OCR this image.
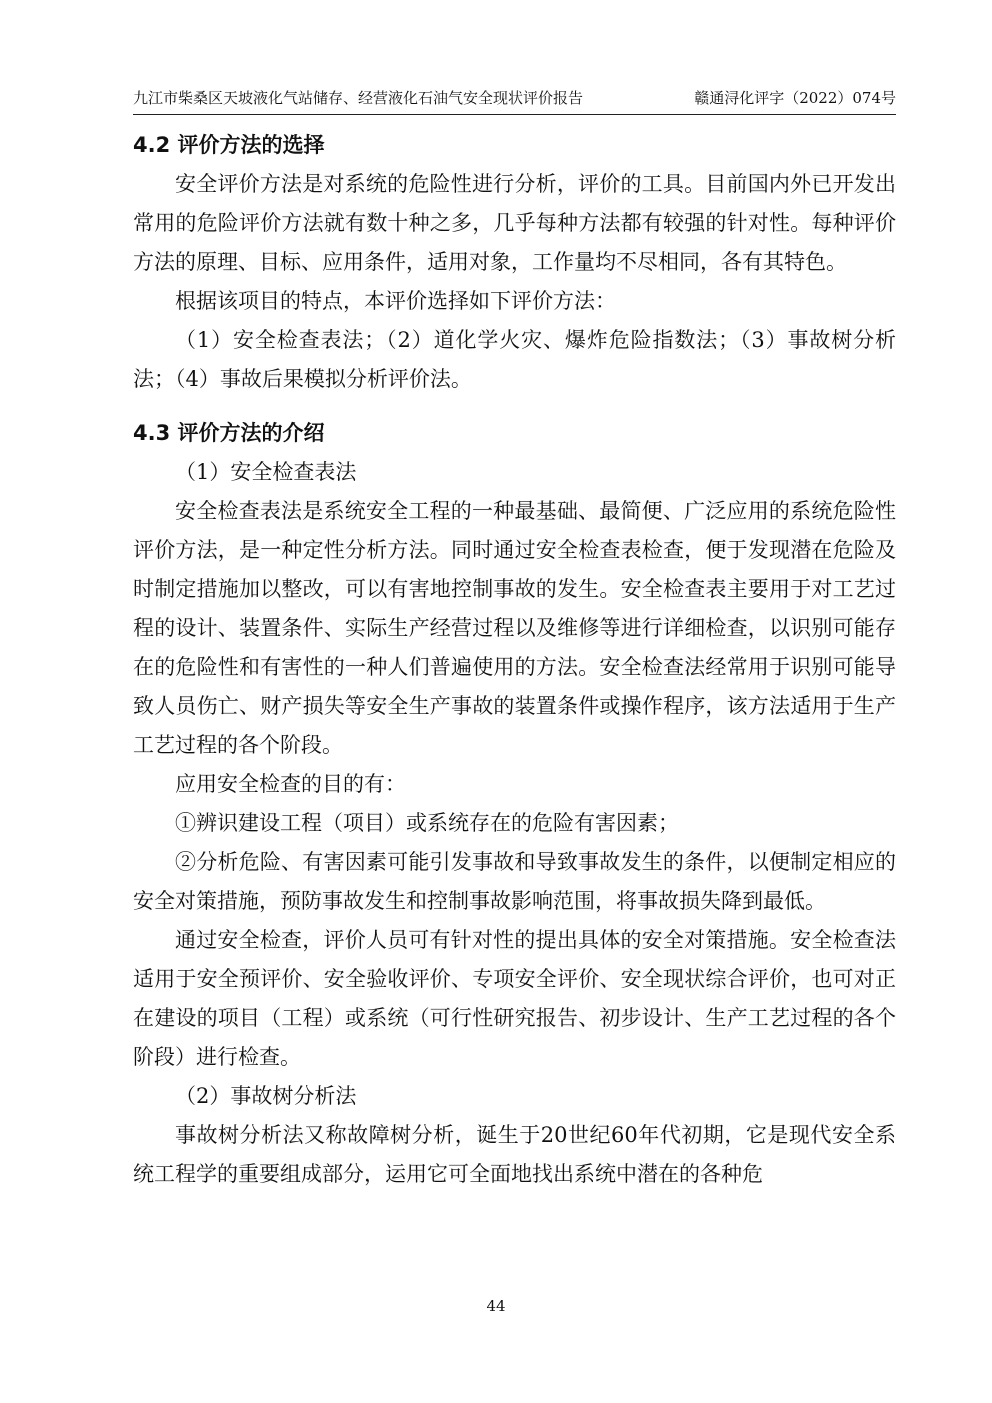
九江市柴桑区天坡液化气站储存、经营液化石油气安全现状评价报告	赣通浔化评字（2022）074号
4.2 评价方法的选择

安全评价方法是对系统的危险性进行分析，评价的工具。目前国内外已开发出常用的危险评价方法就有数十种之多，几乎每种方法都有较强的针对性。每种评价方法的原理、目标、应用条件，适用对象，工作量均不尽相同，各有其特色。

根据该项目的特点，本评价选择如下评价方法：

（1）安全检查表法；（2）道化学火灾、爆炸危险指数法；（3）事故树分析法；（4）事故后果模拟分析评价法。

4.3 评价方法的介绍

（1）安全检查表法

安全检查表法是系统安全工程的一种最基础、最简便、广泛应用的系统危险性评价方法，是一种定性分析方法。同时通过安全检查表检查，便于发现潜在危险及时制定措施加以整改，可以有害地控制事故的发生。安全检查表主要用于对工艺过程的设计、装置条件、实际生产经营过程以及维修等进行详细检查，以识别可能存在的危险性和有害性的一种人们普遍使用的方法。安全检查法经常用于识别可能导致人员伤亡、财产损失等安全生产事故的装置条件或操作程序，该方法适用于生产工艺过程的各个阶段。

应用安全检查的目的有：

①辨识建设工程（项目）或系统存在的危险有害因素；

②分析危险、有害因素可能引发事故和导致事故发生的条件，以便制定相应的安全对策措施，预防事故发生和控制事故影响范围，将事故损失降到最低。

通过安全检查，评价人员可有针对性的提出具体的安全对策措施。安全检查法适用于安全预评价、安全验收评价、专项安全评价、安全现状综合评价，也可对正在建设的项目（工程）或系统（可行性研究报告、初步设计、生产工艺过程的各个阶段）进行检查。

（2）事故树分析法

事故树分析法又称故障树分析，诞生于20世纪60年代初期，它是现代安全系统工程学的重要组成部分，运用它可全面地找出系统中潜在的各种危

44
